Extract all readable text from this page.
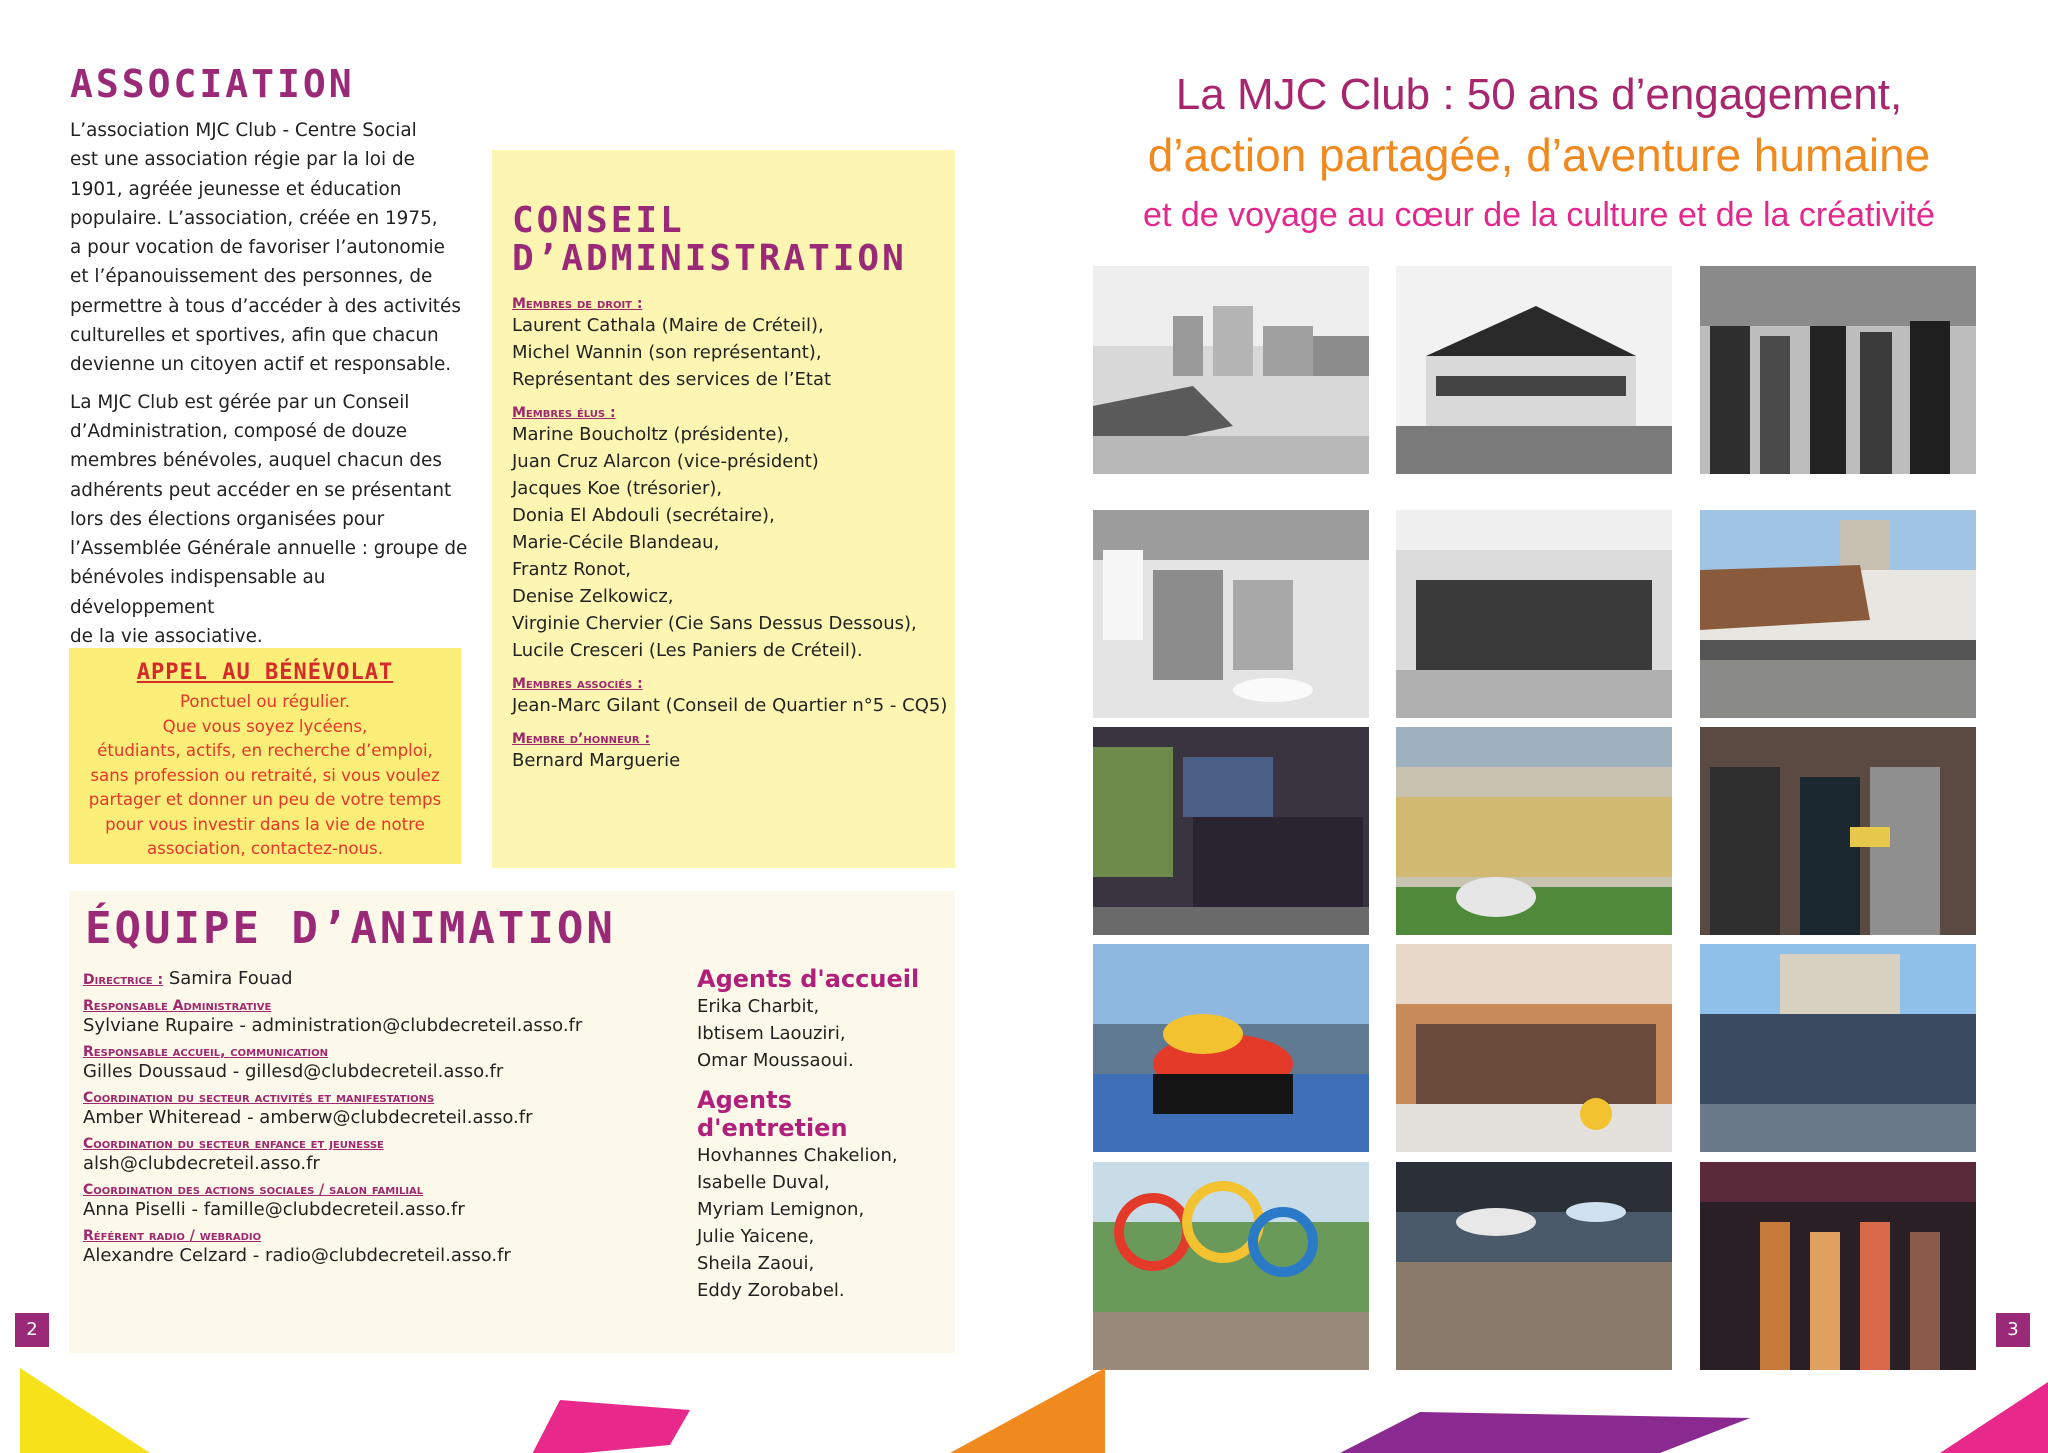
ASSOCIATION

L’association MJC Club - Centre Social
est une association régie par la loi de
1901, agréée jeunesse et éducation
populaire. L’association, créée en 1975,
a pour vocation de favoriser l’autonomie
et l’épanouissement des personnes, de
permettre à tous d’accéder à des activités
culturelles et sportives, afin que chacun
devienne un citoyen actif et responsable.

La MJC Club est gérée par un Conseil
d’Administration, composé de douze
membres bénévoles, auquel chacun des
adhérents peut accéder en se présentant
lors des élections organisées pour
l’Assemblée Générale annuelle : groupe de
bénévoles indispensable au développement
de la vie associative.

APPEL AU BÉNÉVOLAT
Ponctuel ou régulier.
Que vous soyez lycéens,
étudiants, actifs, en recherche d’emploi,
sans profession ou retraité, si vous voulez
partager et donner un peu de votre temps
pour vous investir dans la vie de notre
association, contactez-nous.
CONSEIL
D’ADMINISTRATION
Membres de droit :
Laurent Cathala (Maire de Créteil),
Michel Wannin (son représentant),
Représentant des services de l’Etat
Membres élus :
Marine Boucholtz (présidente),
Juan Cruz Alarcon (vice-président)
Jacques Koe (trésorier),
Donia El Abdouli (secrétaire),
Marie-Cécile Blandeau,
Frantz Ronot,
Denise Zelkowicz,
Virginie Chervier (Cie Sans Dessus Dessous),
Lucile Cresceri (Les Paniers de Créteil).
Membres associés :
Jean-Marc Gilant (Conseil de Quartier n°5 - CQ5)
Membre d’honneur :
Bernard Marguerie
ÉQUIPE D’ANIMATION
Directrice : Samira Fouad
Responsable Administrative
Sylviane Rupaire - administration@clubdecreteil.asso.fr
Responsable accueil, communication
Gilles Doussaud - gillesd@clubdecreteil.asso.fr
Coordination du secteur activités et manifestations
Amber Whiteread - amberw@clubdecreteil.asso.fr
Coordination du secteur enfance et jeunesse
alsh@clubdecreteil.asso.fr
Coordination des actions sociales / salon familial
Anna Piselli - famille@clubdecreteil.asso.fr
Référent radio / webradio
Alexandre Celzard - radio@clubdecreteil.asso.fr
Agents d'accueil
Erika Charbit,
Ibtisem Laouziri,
Omar Moussaoui.
Agents d'entretien
Hovhannes Chakelion,
Isabelle Duval,
Myriam Lemignon,
Julie Yaicene,
Sheila Zaoui,
Eddy Zorobabel.
2
La MJC Club : 50 ans d’engagement,
d’action partagée, d’aventure humaine
et de voyage au cœur de la culture et de la créativité
3
